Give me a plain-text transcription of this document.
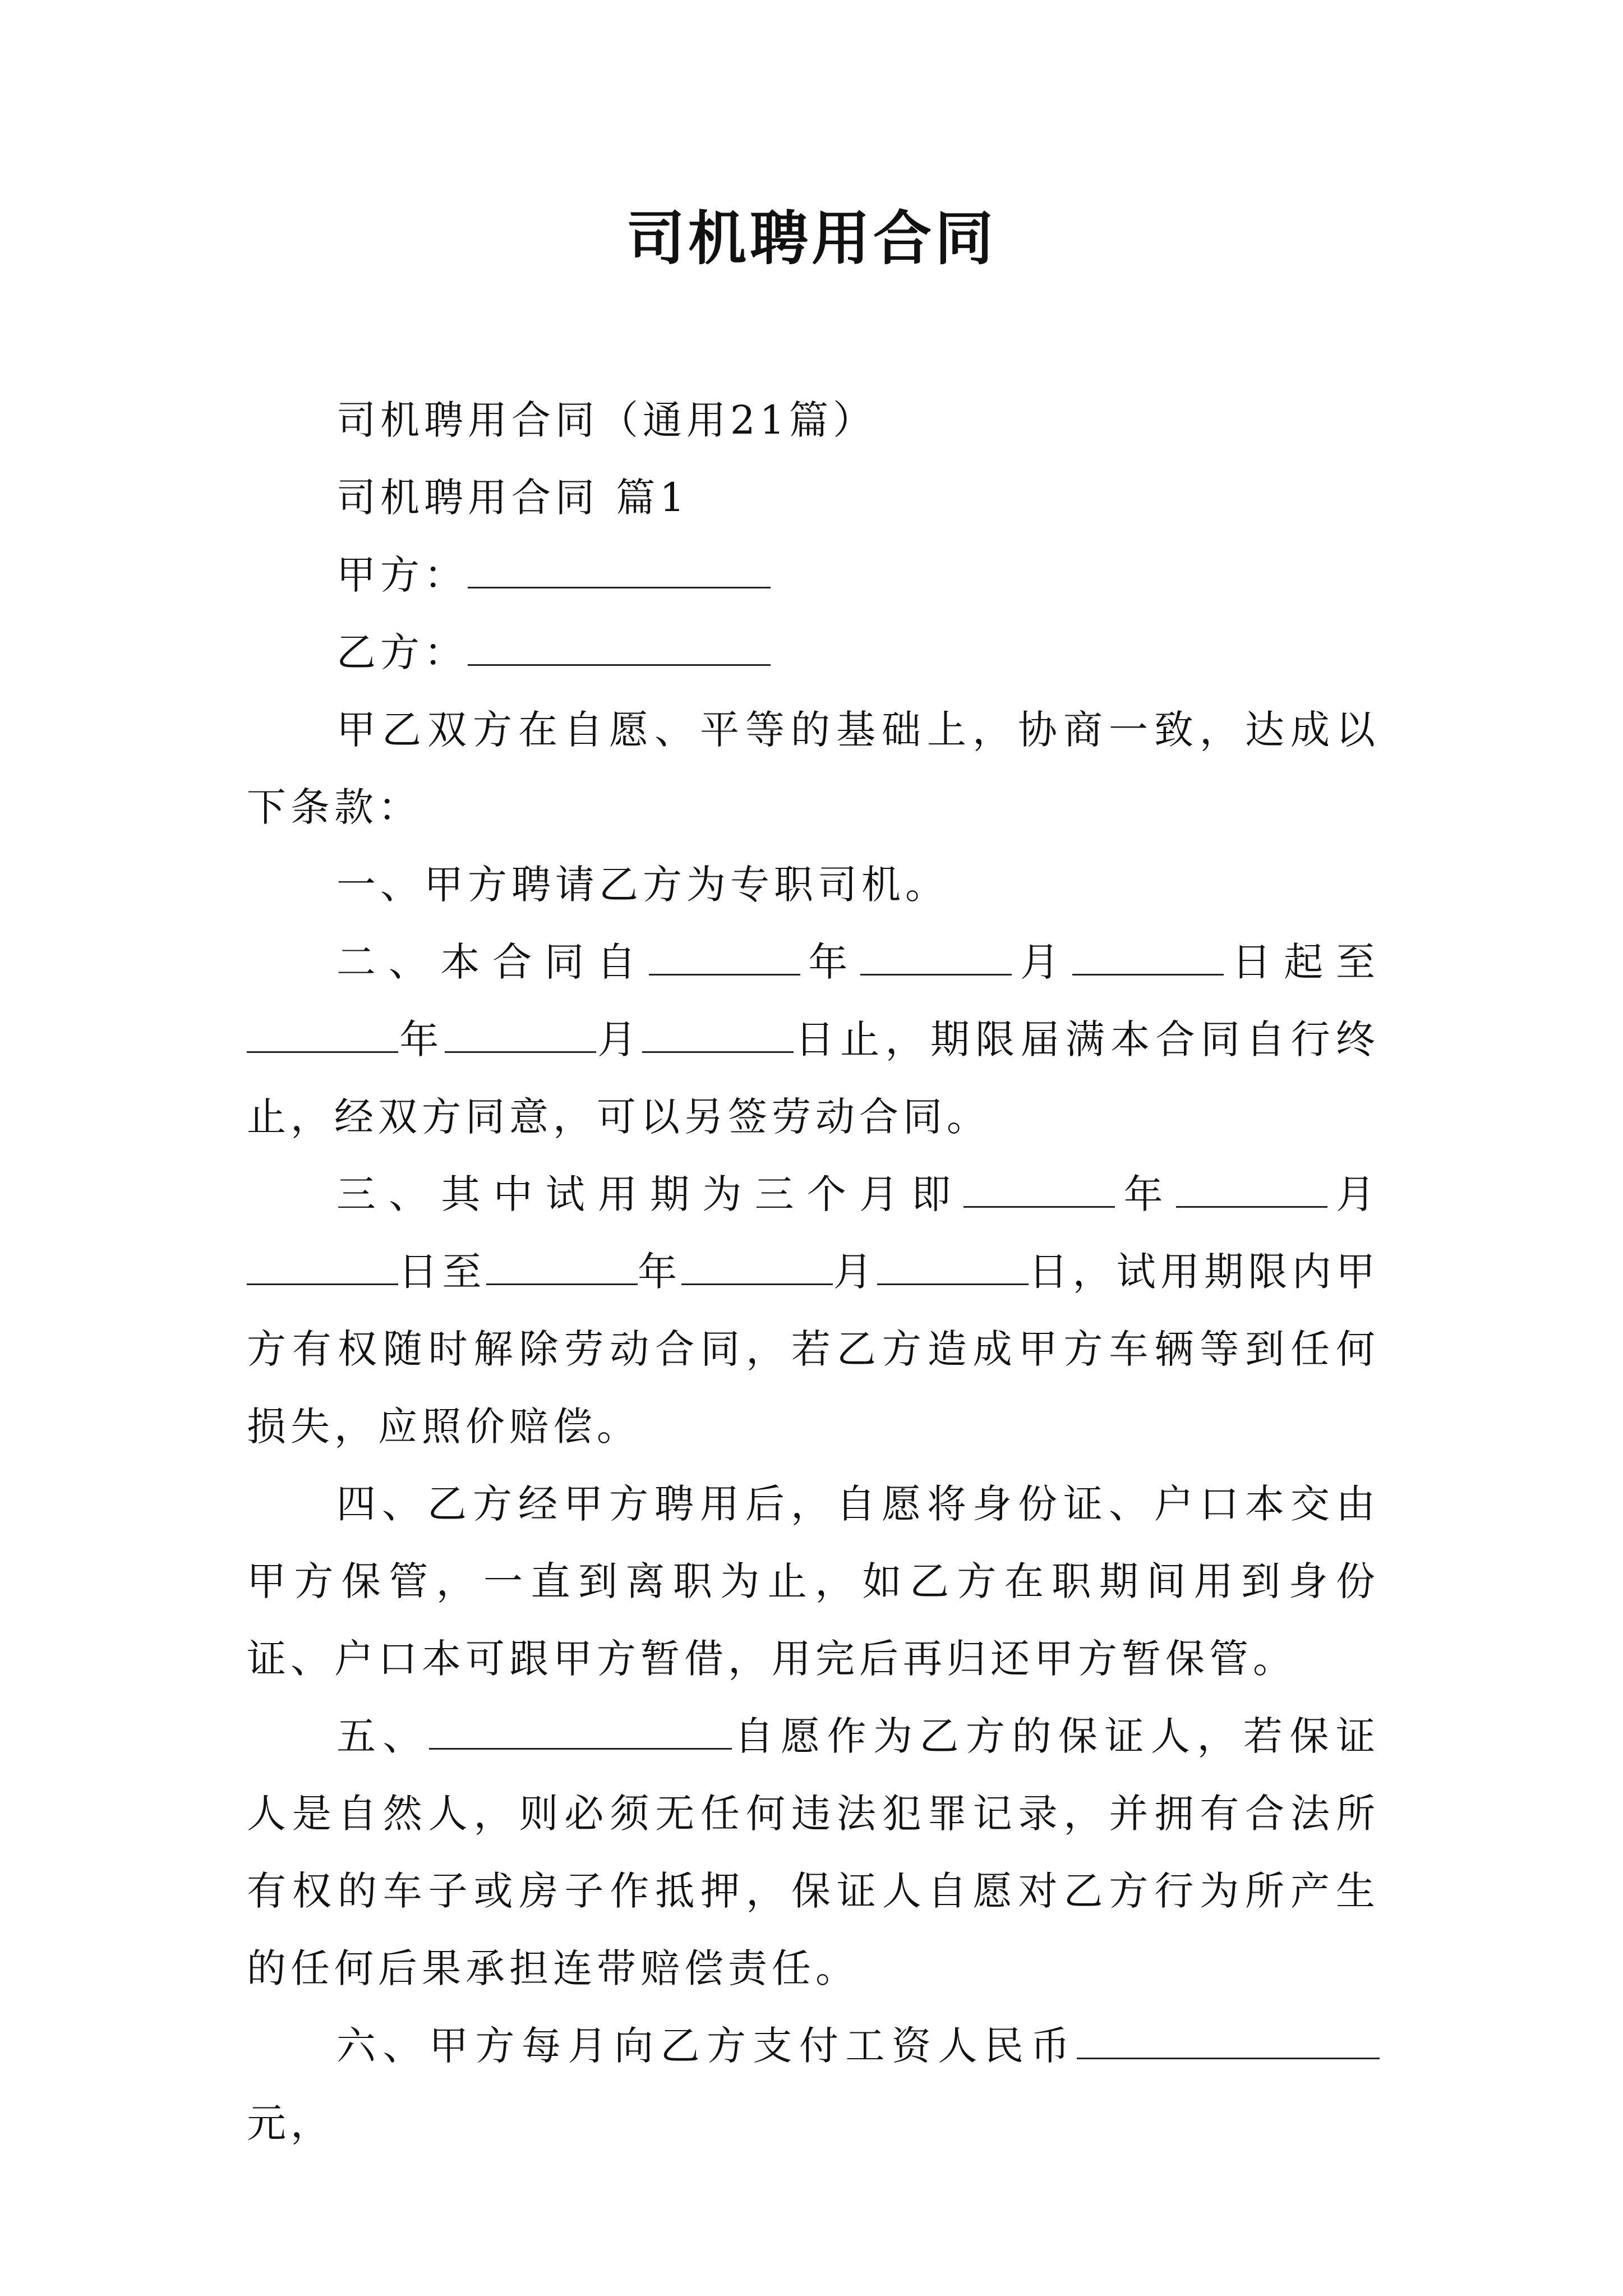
司机聘用合同

司机聘用合同（通用21篇）

司机聘用合同 篇1

甲方：

乙方：

甲乙双方在自愿、平等的基础上，协商一致，达成以下条款：

一、甲方聘请乙方为专职司机。

二、本合同自	年	月	日起至年	月	日止，期限届满本合同自行终止，经双方同意，可以另签劳动合同。

三、其中试用期为三个月即	年	月日至	年	月	日，试用期限内甲方有权随时解除劳动合同，若乙方造成甲方车辆等到任何损失，应照价赔偿。

四、乙方经甲方聘用后，自愿将身份证、户口本交由甲方保管，一直到离职为止，如乙方在职期间用到身份证、户口本可跟甲方暂借，用完后再归还甲方暂保管。

五、	自愿作为乙方的保证人，若保证人是自然人，则必须无任何违法犯罪记录，并拥有合法所有权的车子或房子作抵押，保证人自愿对乙方行为所产生的任何后果承担连带赔偿责任。

六、甲方每月向乙方支付工资人民币元，
